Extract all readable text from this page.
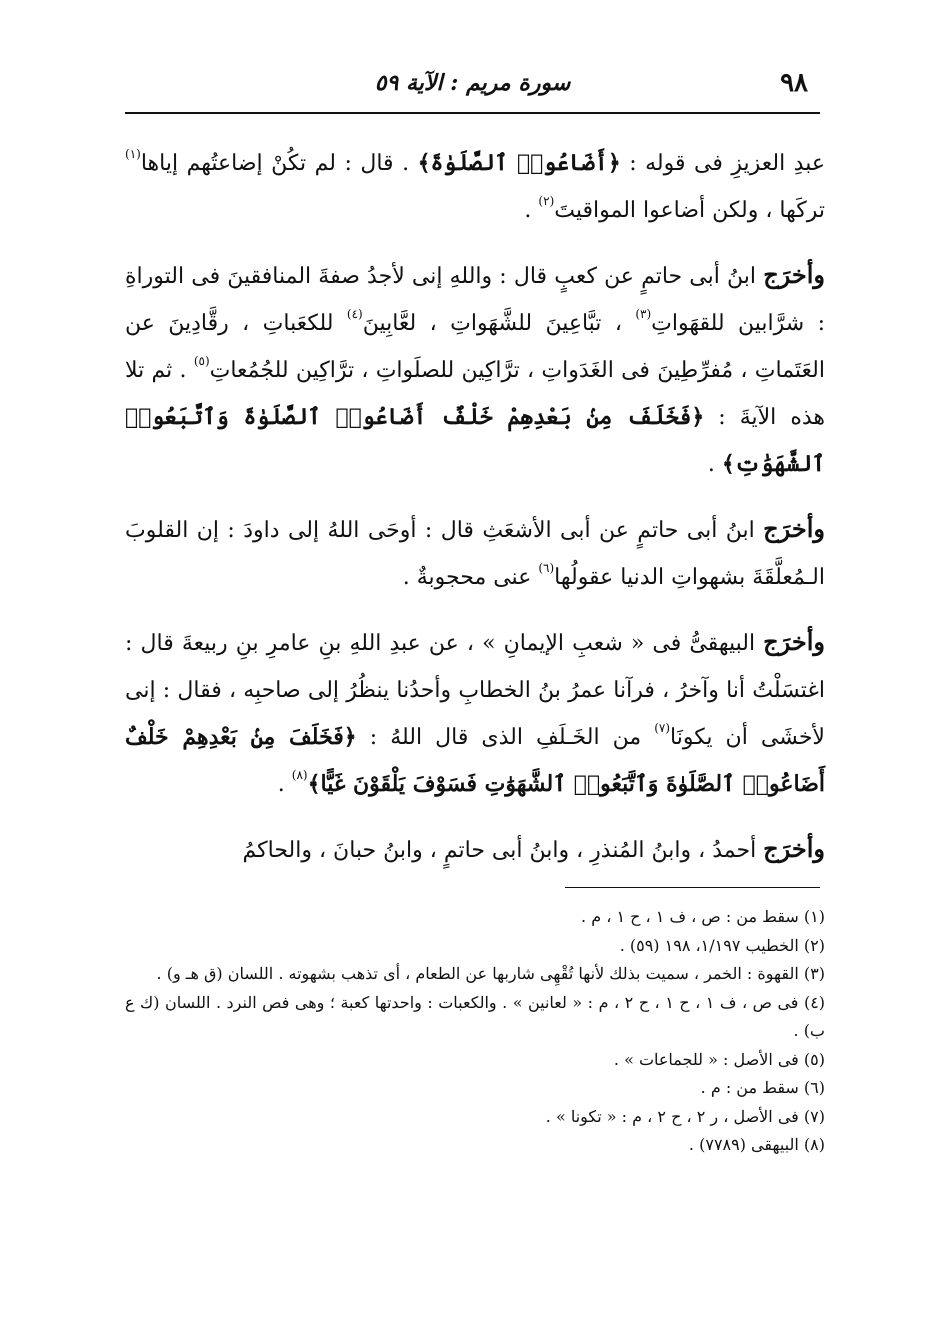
٩٨
سورة مريم : الآية ٥٩

عبدِ العزيزِ فى قوله : ﴿أَضَاعُوا۟ ٱلصَّلَوٰةَ﴾ . قال : لم تكُنْ إضاعتُهم إياها$^{(١)}$ تركَها ، ولكن أضاعوا المواقيتَ$^{(٢)}$ .

وأخرَج ابنُ أبى حاتمٍ عن كعبٍ قال : واللهِ إنى لأجدُ صفةَ المنافقينَ فى التوراةِ : شرَّابين للقهَواتِ$^{(٣)}$ ، تبَّاعِينَ للشَّهَواتِ ، لعَّابِينَ$^{(٤)}$ للكعَباتِ ، رقَّادِينَ عن العَتَماتِ ، مُفرِّطِينَ فى الغَدَواتِ ، ترَّاكِين للصلَواتِ ، ترَّاكِين للجُمُعاتِ$^{(٥)}$ . ثم تلا هذه الآيةَ : ﴿فَخَلَفَ مِنۢ بَعْدِهِمْ خَلْفٌ أَضَاعُوا۟ ٱلصَّلَوٰةَ وَٱتَّبَعُوا۟ ٱلشَّهَوَٰتِ﴾ .

وأخرَج ابنُ أبى حاتمٍ عن أبى الأشعَثِ قال : أوحَى اللهُ إلى داودَ : إن القلوبَ الـمُعلَّقَةَ بشهواتِ الدنيا عقولُها$^{(٦)}$ عنى محجوبةٌ .

وأخرَج البيهقىُّ فى « شعبِ الإيمانِ » ، عن عبدِ اللهِ بنِ عامرِ بنِ ربيعةَ قال : اغتسَلْتُ أنا وآخرُ ، فرآنا عمرُ بنُ الخطابِ وأحدُنا ينظُرُ إلى صاحبِه ، فقال : إنى لأخشَى أن يكونَا$^{(٧)}$ من الخَـلَفِ الذى قال اللهُ : ﴿فَخَلَفَ مِنۢ بَعْدِهِمْ خَلْفٌ أَضَاعُوا۟ ٱلصَّلَوٰةَ وَٱتَّبَعُوا۟ ٱلشَّهَوَٰتِ فَسَوْفَ يَلْقَوْنَ غَيًّا﴾$^{(٨)}$ .

وأخرَج أحمدُ ، وابنُ المُنذرِ ، وابنُ أبى حاتمٍ ، وابنُ حبانَ ، والحاكمُ

(١) سقط من : ص ، ف ١ ، ح ١ ، م .

(٢) الخطيب ١/١٩٧، ١٩٨ (٥٩) .

(٣) القهوة : الخمر ، سميت بذلك لأنها تُقْهِى شاربها عن الطعام ، أى تذهب بشهوته . اللسان (ق هـ و) .

(٤) فى ص ، ف ١ ، ح ١ ، ح ٢ ، م : « لعانين » . والكعبات : واحدتها كعبة ؛ وهى فص النرد . اللسان (ك ع ب) .

(٥) فى الأصل : « للجماعات » .

(٦) سقط من : م .

(٧) فى الأصل ، ر ٢ ، ح ٢ ، م : « تكونا » .

(٨) البيهقى (٧٧٨٩) .
